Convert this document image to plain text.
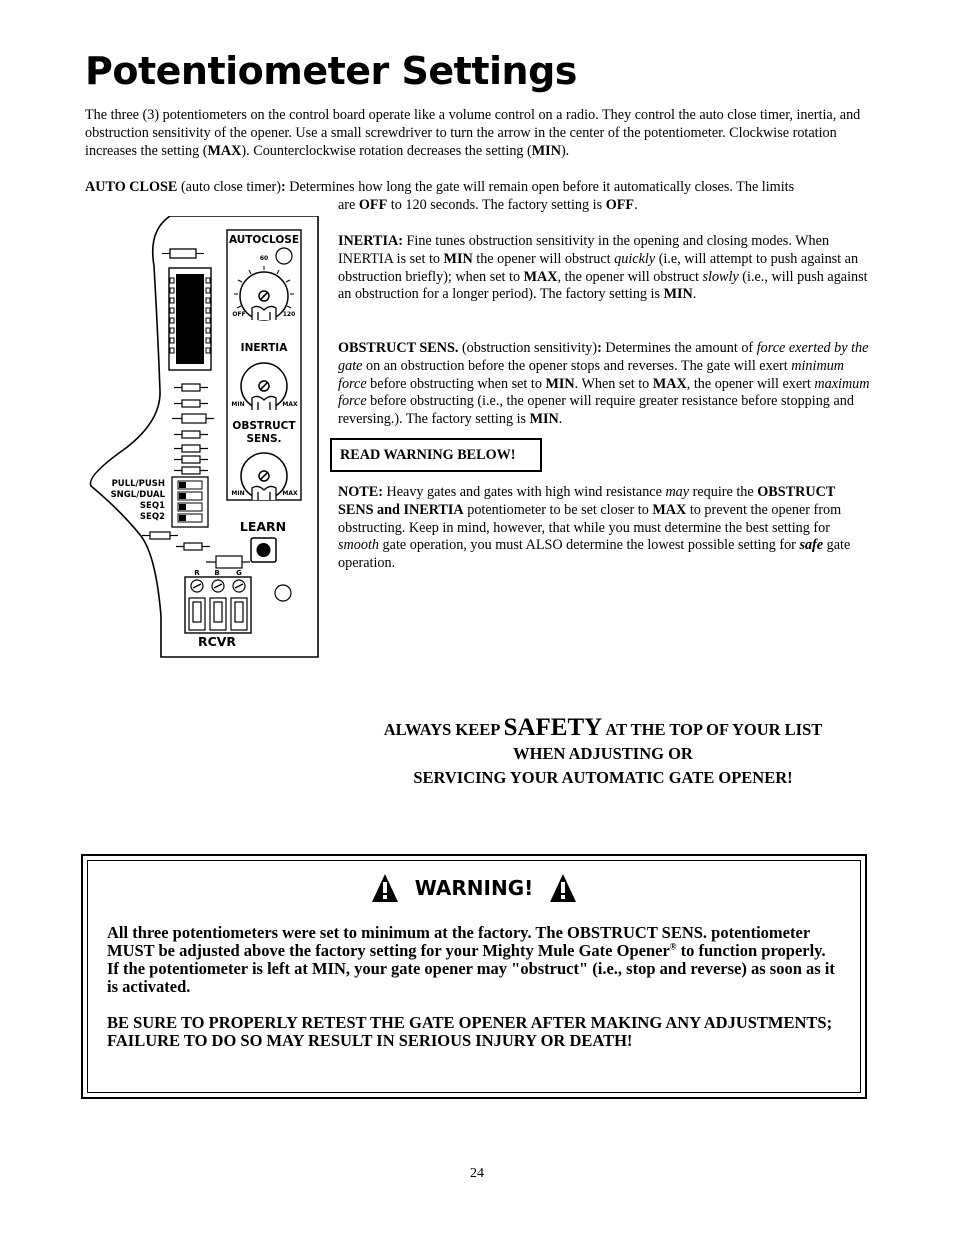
Potentiometer Settings

The three (3) potentiometers on the control board operate like a volume control on a radio. They control the auto close timer, inertia, and obstruction sensitivity of the opener. Use a small screwdriver to turn the arrow in the center of the potentiometer. Clockwise rotation increases the setting (MAX). Counterclockwise rotation decreases the setting (MIN).

AUTO CLOSE (auto close timer): Determines how long the gate will remain open before it automatically closes. The limits
are OFF to 120 seconds. The factory setting is OFF.

INERTIA: Fine tunes obstruction sensitivity in the opening and closing modes. When INERTIA is set to MIN the opener will obstruct quickly (i.e, will attempt to push against an obstruction briefly); when set to MAX, the opener will obstruct slowly (i.e., will push against an obstruction for a longer period). The factory setting is MIN.

OBSTRUCT SENS. (obstruction sensitivity): Determines the amount of force exerted by the gate on an obstruction before the opener stops and reverses. The gate will exert minimum force before obstructing when set to MIN. When set to MAX, the opener will exert maximum force before obstructing (i.e., the opener will require greater resistance before stopping and reversing.). The factory setting is MIN.

READ WARNING BELOW!

NOTE: Heavy gates and gates with high wind resistance may require the OBSTRUCT SENS and INERTIA potentiometer to be set closer to MAX to prevent the opener from obstructing. Keep in mind, however, that while you must determine the best setting for smooth gate operation, you must ALSO determine the lowest possible setting for safe gate operation.

PULL/PUSH
SNGL/DUAL
SEQ1
SEQ2
AUTOCLOSE
60
OFF	120
INERTIA
MIN	MAX
OBSTRUCT
SENS.
MIN	MAX
LEARN
R B G
RCVR
ALWAYS KEEP SAFETY AT THE TOP OF YOUR LIST
WHEN ADJUSTING OR
SERVICING YOUR AUTOMATIC GATE OPENER!
WARNING!

All three potentiometers were set to minimum at the factory. The OBSTRUCT SENS. potentiometer MUST be adjusted above the factory setting for your Mighty Mule Gate Opener® to function properly. If the potentiometer is left at MIN, your gate opener may "obstruct" (i.e., stop and reverse) as soon as it is activated.

BE SURE TO PROPERLY RETEST THE GATE OPENER AFTER MAKING ANY ADJUSTMENTS; FAILURE TO DO SO MAY RESULT IN SERIOUS INJURY OR DEATH!

24
